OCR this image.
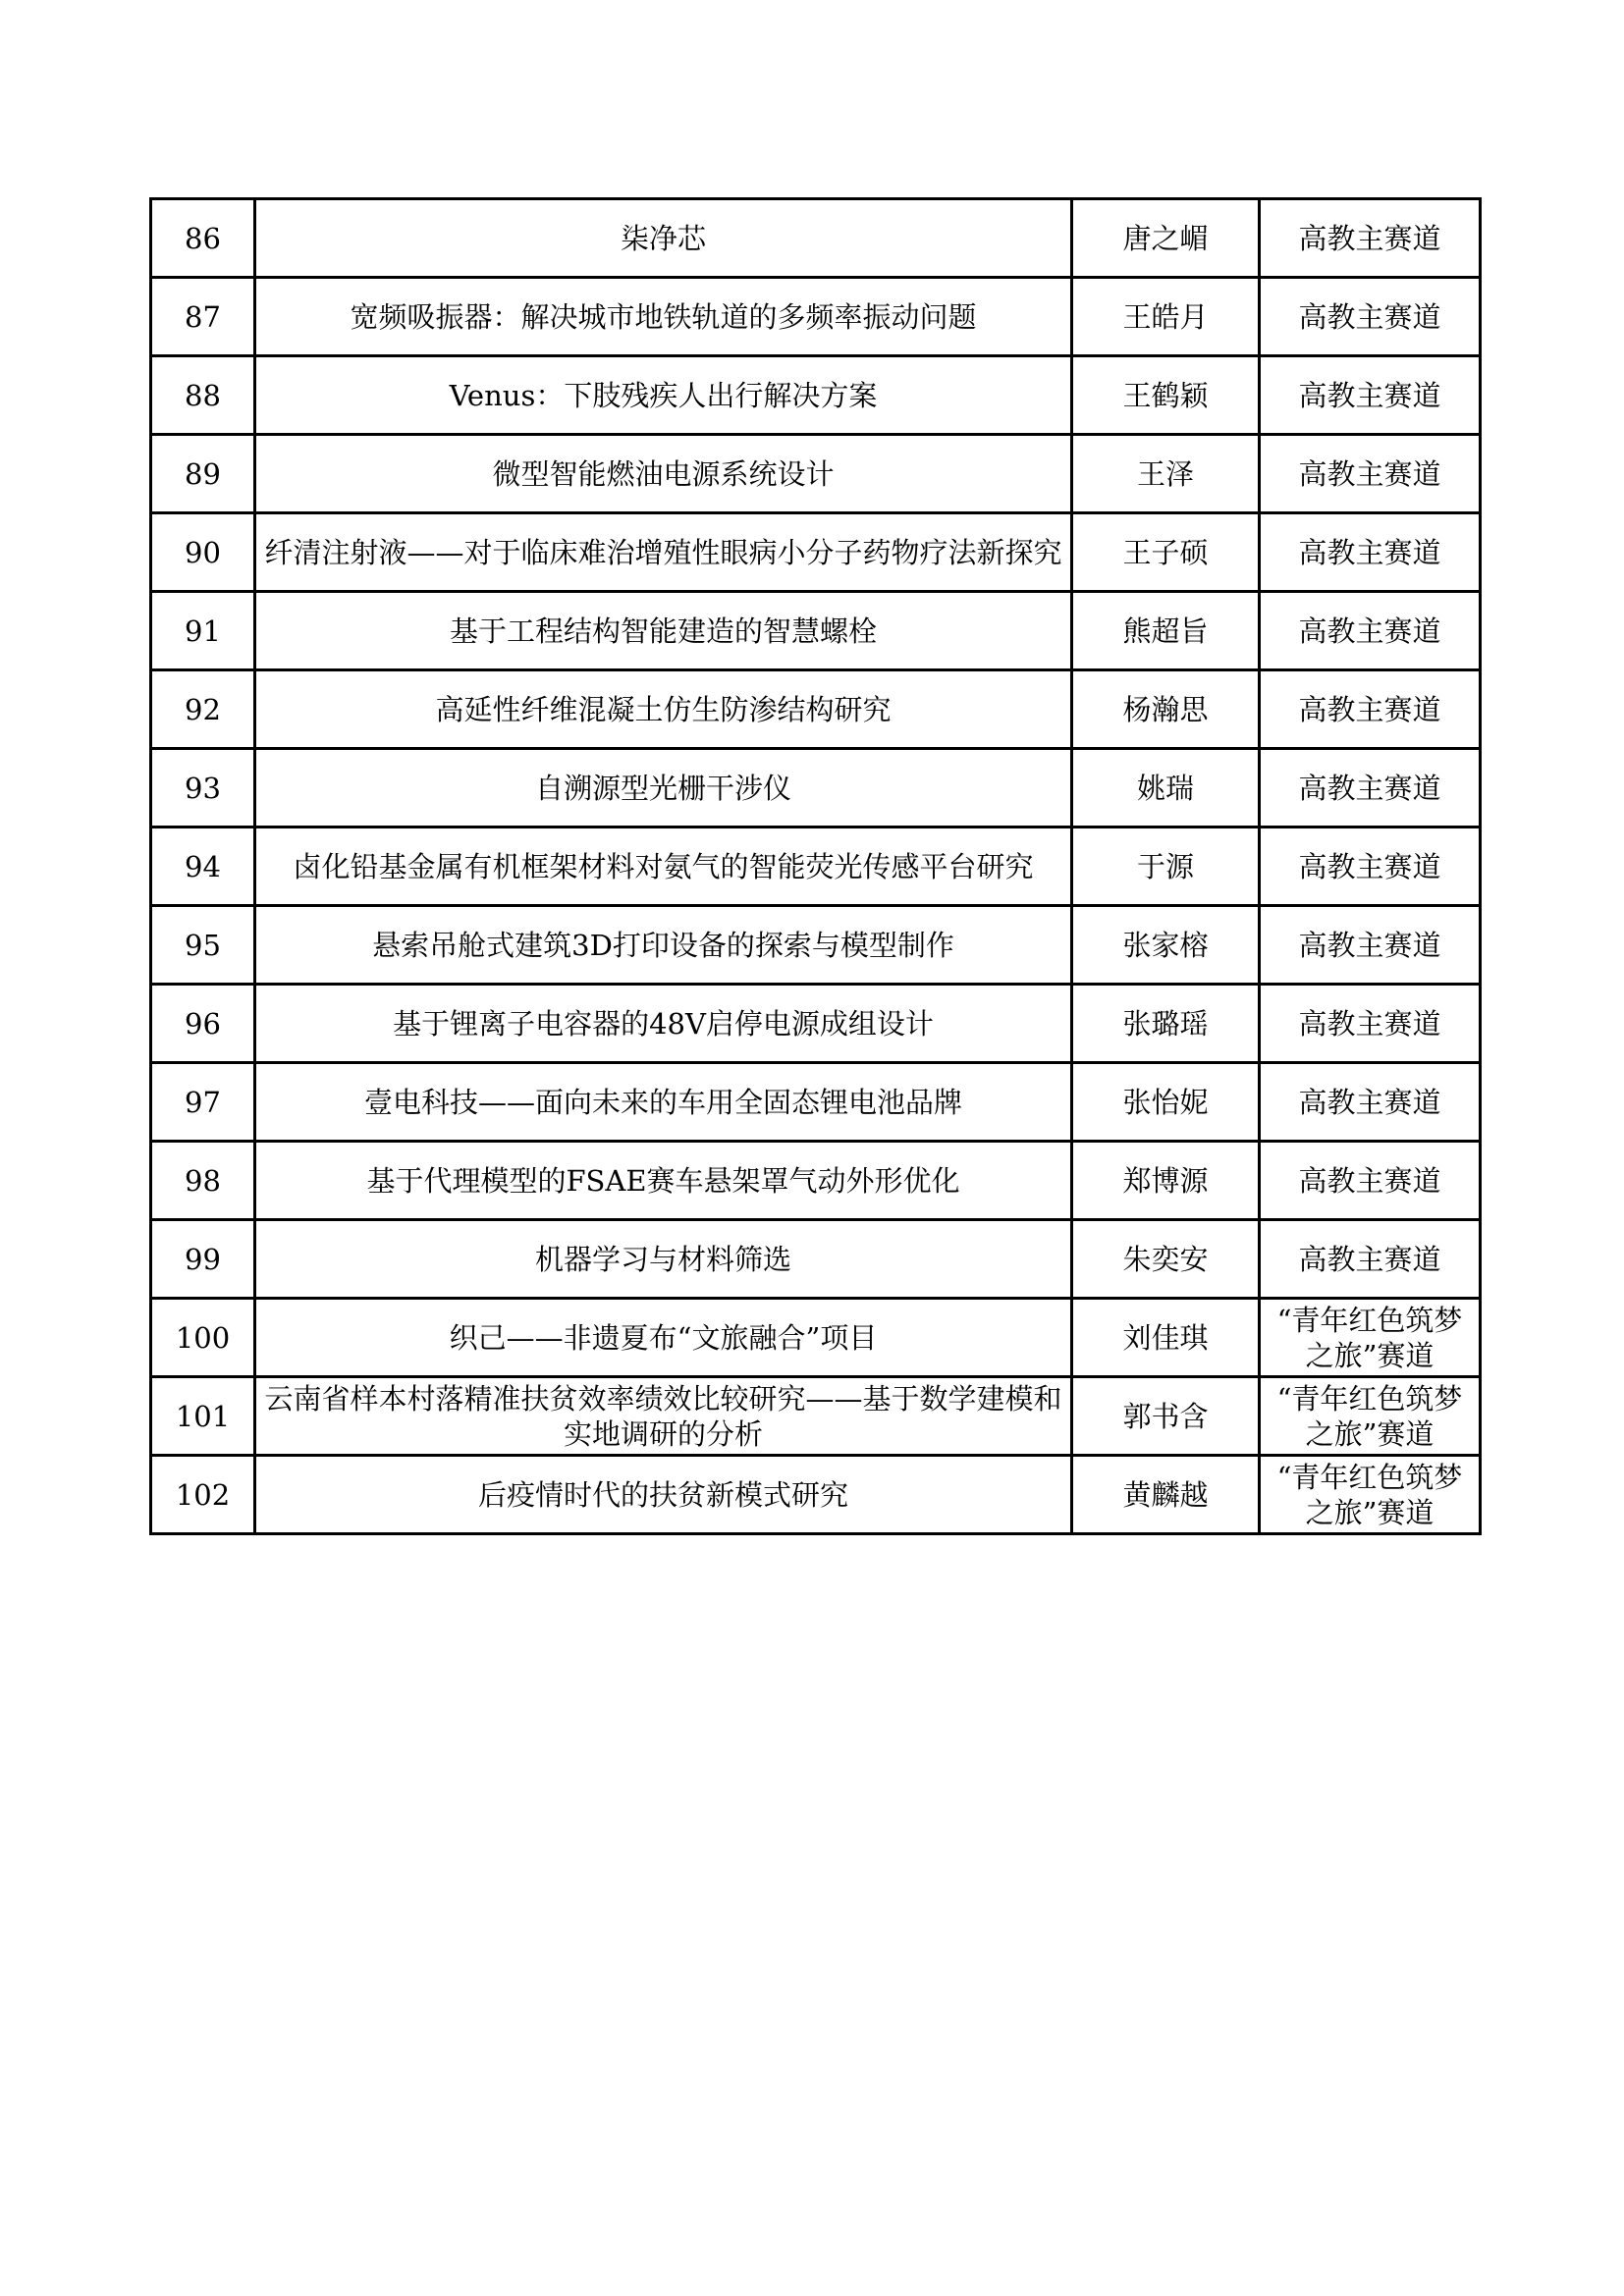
86	柒净芯	唐之嵋	高教主赛道
87	宽频吸振器：解决城市地铁轨道的多频率振动问题	王皓月	高教主赛道
88	Venus：下肢残疾人出行解决方案	王鹤颖	高教主赛道
89	微型智能燃油电源系统设计	王泽	高教主赛道
90	纤清注射液——对于临床难治增殖性眼病小分子药物疗法新探究	王子硕	高教主赛道
91	基于工程结构智能建造的智慧螺栓	熊超旨	高教主赛道
92	高延性纤维混凝土仿生防渗结构研究	杨瀚思	高教主赛道
93	自溯源型光栅干涉仪	姚瑞	高教主赛道
94	卤化铅基金属有机框架材料对氨气的智能荧光传感平台研究	于源	高教主赛道
95	悬索吊舱式建筑3D打印设备的探索与模型制作	张家榕	高教主赛道
96	基于锂离子电容器的48V启停电源成组设计	张璐瑶	高教主赛道
97	壹电科技——面向未来的车用全固态锂电池品牌	张怡妮	高教主赛道
98	基于代理模型的FSAE赛车悬架罩气动外形优化	郑博源	高教主赛道
99	机器学习与材料筛选	朱奕安	高教主赛道
100	织己——非遗夏布“文旅融合”项目	刘佳琪	“青年红色筑梦之旅”赛道
101	云南省样本村落精准扶贫效率绩效比较研究——基于数学建模和实地调研的分析	郭书含	“青年红色筑梦之旅”赛道
102	后疫情时代的扶贫新模式研究	黄麟越	“青年红色筑梦之旅”赛道
